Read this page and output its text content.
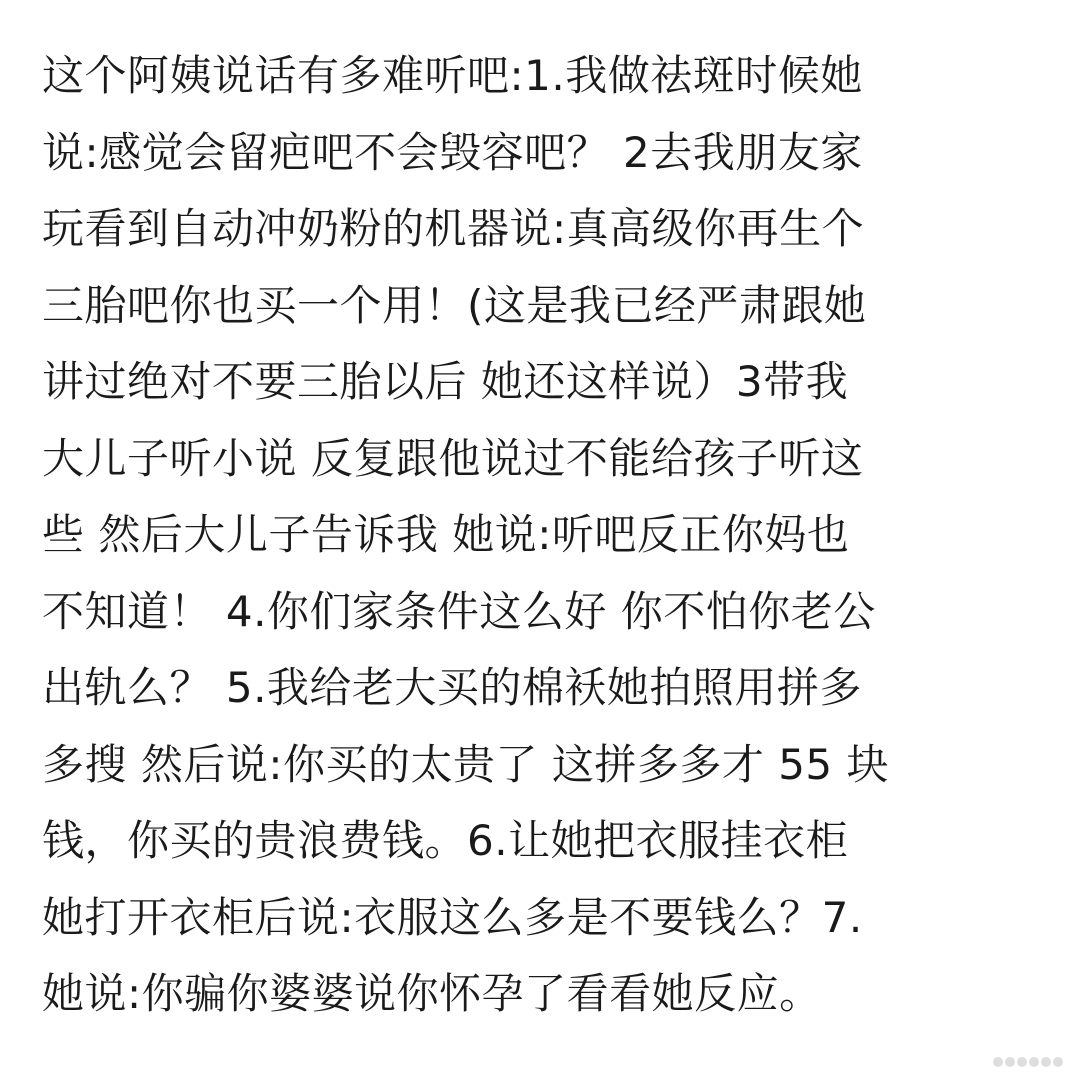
这个阿姨说话有多难听吧:1.我做祛斑时候她
说:感觉会留疤吧不会毁容吧？ 2去我朋友家
玩看到自动冲奶粉的机器说:真高级你再生个
三胎吧你也买一个用！(这是我已经严肃跟她
讲过绝对不要三胎以后 她还这样说）3带我
大儿子听小说 反复跟他说过不能给孩子听这
些 然后大儿子告诉我 她说:听吧反正你妈也
不知道！ 4.你们家条件这么好 你不怕你老公
出轨么？ 5.我给老大买的棉袄她拍照用拼多
多搜 然后说:你买的太贵了 这拼多多才 55 块
钱，你买的贵浪费钱。6.让她把衣服挂衣柜
她打开衣柜后说:衣服这么多是不要钱么？7.
她说:你骗你婆婆说你怀孕了看看她反应。
